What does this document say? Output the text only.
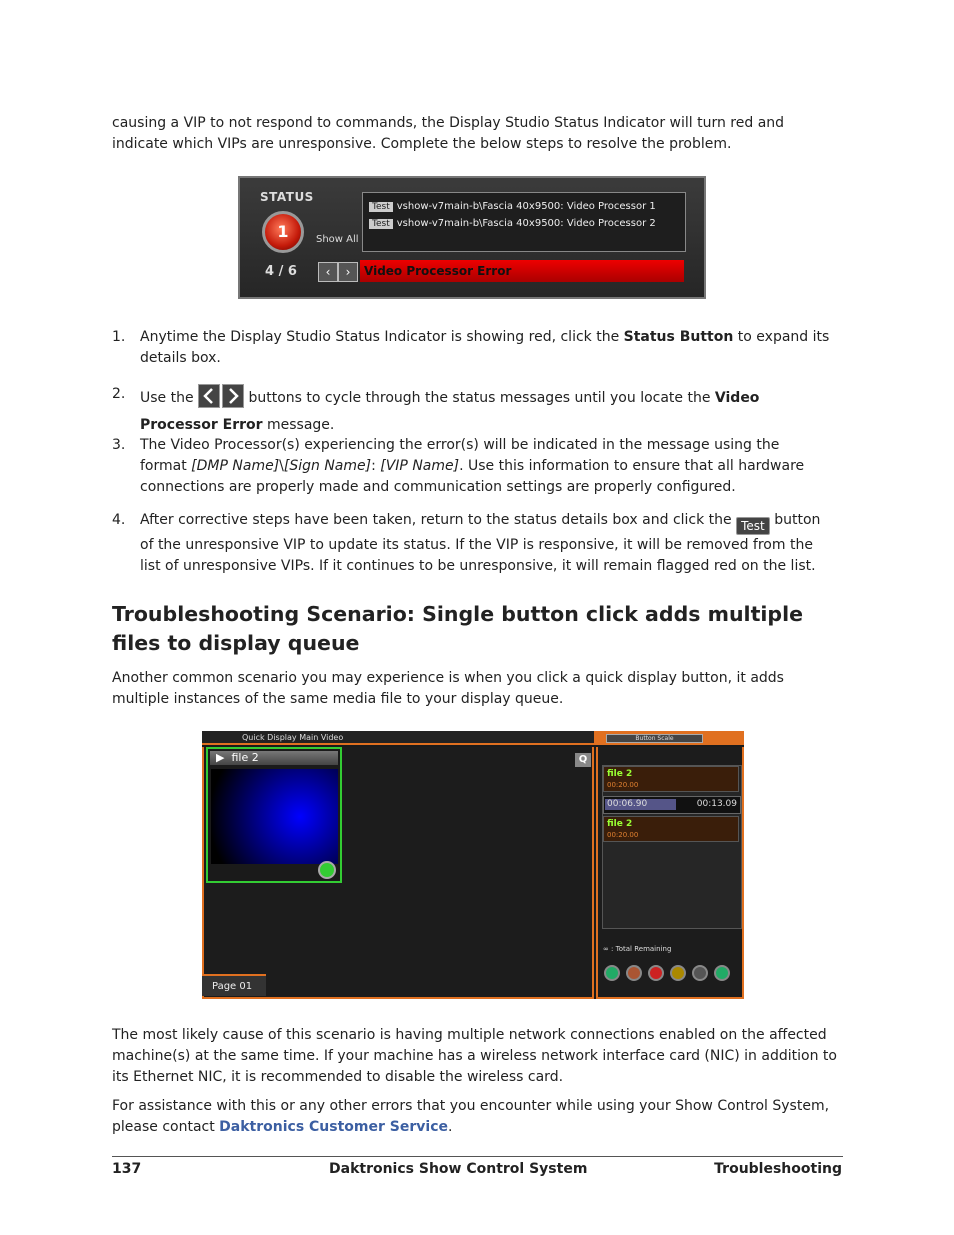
causing a VIP to not respond to commands, the Display Studio Status Indicator will turn red and indicate which VIPs are unresponsive. Complete the below steps to resolve the problem.

STATUS
1	Show All
Test vshow-v7main-b\Fascia 40x9500: Video Processor 1
Test vshow-v7main-b\Fascia 40x9500: Video Processor 2
4 / 6	‹	›	Video Processor Error
1. Anytime the Display Studio Status Indicator is showing red, click the Status Button to expand its details box.
2. Use the	buttons to cycle through the status messages until you locate the Video Processor Error message.
3. The Video Processor(s) experiencing the error(s) will be indicated in the message using the format [DMP Name]\[Sign Name]: [VIP Name]. Use this information to ensure that all hardware connections are properly made and communication settings are properly configured.
4. After corrective steps have been taken, return to the status details box and click the Test button of the unresponsive VIP to update its status. If the VIP is responsive, it will be removed from the list of unresponsive VIPs. If it continues to be unresponsive, it will remain flagged red on the list.
Troubleshooting Scenario: Single button click adds multiple files to display queue

Another common scenario you may experience is when you click a quick display button, it adds multiple instances of the same media file to your display queue.

Quick Display Main Video	Button Scale
▶  file 2	Q
Page 01
file 2
00:20.00
00:06.90	00:13.09
file 2
00:20.00
∞ : Total Remaining

The most likely cause of this scenario is having multiple network connections enabled on the affected machine(s) at the same time. If your machine has a wireless network interface card (NIC) in addition to its Ethernet NIC, it is recommended to disable the wireless card.

For assistance with this or any other errors that you encounter while using your Show Control System, please contact Daktronics Customer Service.

137	Daktronics Show Control System	Troubleshooting
